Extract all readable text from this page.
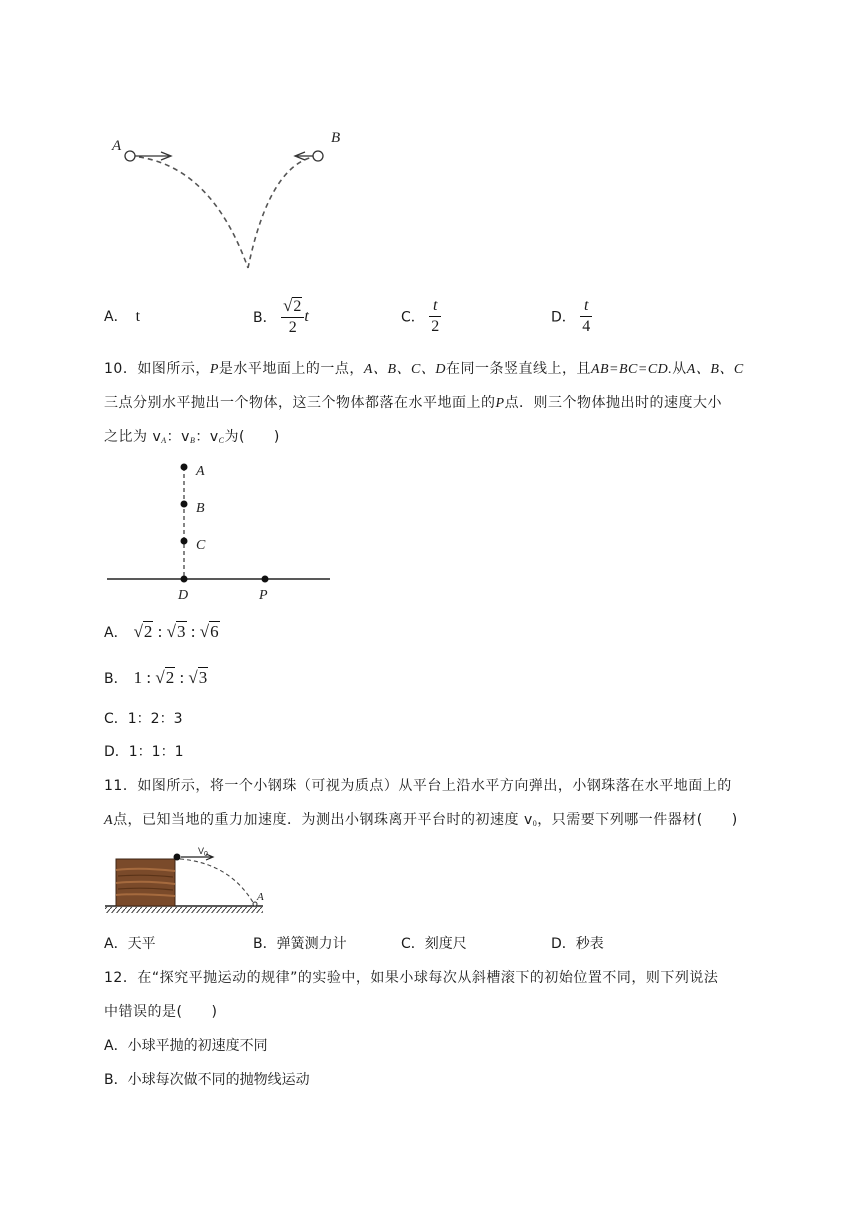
A	B
A． t	B． $\frac{√2}{2}$ t	C． $\frac{t}{2}$	D． $\frac{t}{4}$
10．如图所示，P是水平地面上的一点，A、B、C、D在同一条竖直线上，且AB=BC=CD.从A、B、C
三点分别水平抛出一个物体，这三个物体都落在水平地面上的P点．则三个物体抛出时的速度大小
之比为 $v_A$：$v_B$：$v_C$为(　　)
A
B
C
D	P
A． √2 : √3 : √6
B． 1 : √2 : √3
C．1：2：3
D．1：1：1
11．如图所示，将一个小钢珠（可视为质点）从平台上沿水平方向弹出，小钢珠落在水平地面上的
A点，已知当地的重力加速度．为测出小钢珠离开平台时的初速度 $v_0$，只需要下列哪一件器材(　　)
$V_0$
A
A．天平	B．弹簧测力计	C．刻度尺	D．秒表
12．在“探究平抛运动的规律”的实验中，如果小球每次从斜槽滚下的初始位置不同，则下列说法
中错误的是(　　)
A．小球平抛的初速度不同
B．小球每次做不同的抛物线运动
